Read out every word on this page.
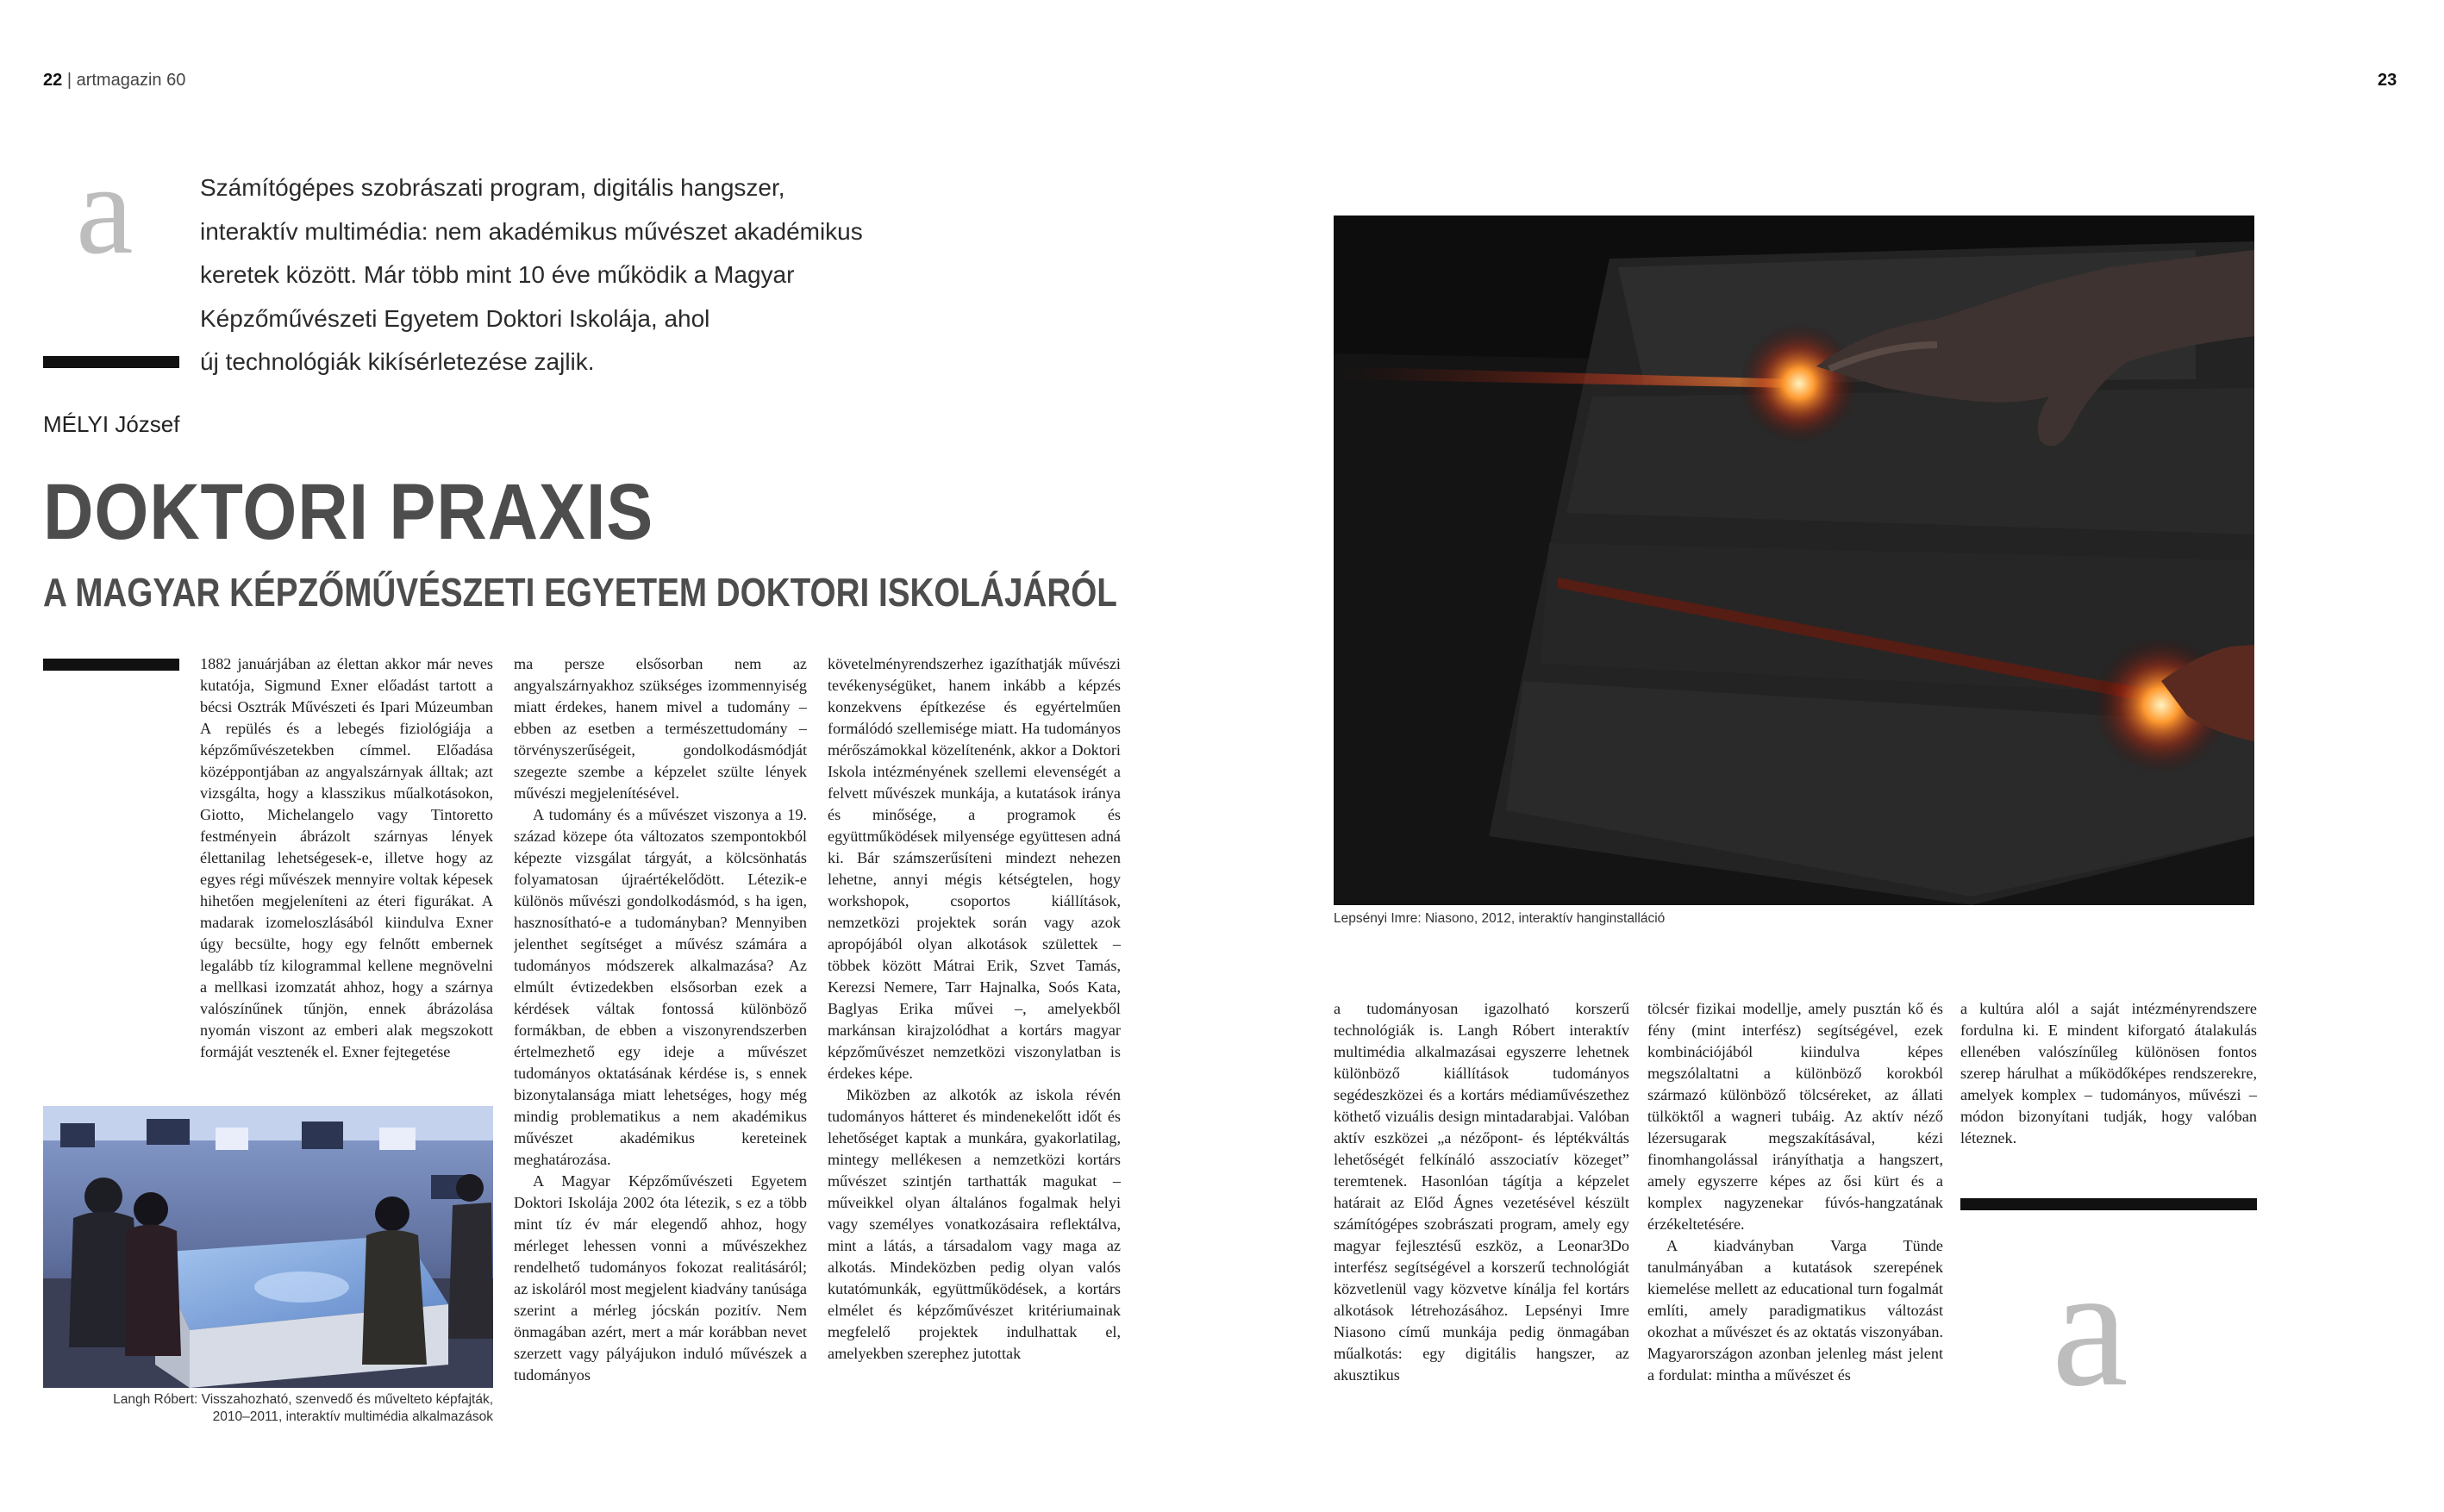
22 | artmagazin 60	23
a	Számítógépes szobrászati program, digitális hangszer,

interaktív multimédia: nem akadémikus művészet akadémikus

keretek között. Már több mint 10 éve működik a Magyar

Képzőművészeti Egyetem Doktori Iskolája, ahol

új technológiák kikísérletezése zajlik.

MÉLYI József
DOKTORI PRAXIS
A MAGYAR KÉPZŐMŰVÉSZETI EGYETEM DOKTORI ISKOLÁJÁRÓL

1882 januárjában az élettan akkor már neves kutatója, Sigmund Exner előadást tartott a bécsi Osztrák Művészeti és Ipari Múzeumban A repülés és a lebegés fiziológiája a képzőművészetekben címmel. Előadása középpontjában az angyalszárnyak álltak; azt vizsgálta, hogy a klasszikus műalkotásokon, Giotto, Michelangelo vagy Tintoretto festményein ábrázolt szárnyas lények élettanilag lehetségesek-e, illetve hogy az egyes régi művészek mennyire voltak képesek hihetően megjeleníteni az éteri figurákat. A madarak izomeloszlásából kiindulva Exner úgy becsülte, hogy egy felnőtt embernek legalább tíz kilogrammal kellene megnövelni a mellkasi izomzatát ahhoz, hogy a szárnya valószínűnek tűnjön, ennek ábrázolása nyomán viszont az emberi alak megszokott formáját vesztenék el. Exner fejtegetése

Langh Róbert: Visszahozható, szenvedő és művelteto képfajták,
2010–2011, interaktív multimédia alkalmazások

ma persze elsősorban nem az angyalszárnyakhoz szükséges izommennyiség miatt érdekes, hanem mivel a tudomány – ebben az esetben a természettudomány – törvényszerűségeit, gondolkodásmódját szegezte szembe a képzelet szülte lények művészi megjelenítésével.

A tudomány és a művészet viszonya a 19. század közepe óta változatos szempontokból képezte vizsgálat tárgyát, a kölcsönhatás folyamatosan újraértékelődött. Létezik-e különös művészi gondolkodásmód, s ha igen, hasznosítható-e a tudományban? Mennyiben jelenthet segítséget a művész számára a tudományos módszerek alkalmazása? Az elmúlt évtizedekben elsősorban ezek a kérdések váltak fontossá különböző formákban, de ebben a viszonyrendszerben értelmezhető egy ideje a művészet tudományos oktatásának kérdése is, s ennek bizonytalansága miatt lehetséges, hogy még mindig problematikus a nem akadémikus művészet akadémikus kereteinek meghatározása.

A Magyar Képzőművészeti Egyetem Doktori Iskolája 2002 óta létezik, s ez a több mint tíz év már elegendő ahhoz, hogy mérleget lehessen vonni a művészekhez rendelhető tudományos fokozat realitásáról; az iskoláról most megjelent kiadvány tanúsága szerint a mérleg jócskán pozitív. Nem önmagában azért, mert a már korábban nevet szerzett vagy pályájukon induló művészek a tudományos

követelményrendszerhez igazíthatják művészi tevékenységüket, hanem inkább a képzés konzekvens építkezése és egyértelműen formálódó szellemisége miatt. Ha tudományos mérőszámokkal közelítenénk, akkor a Doktori Iskola intézményének szellemi elevenségét a felvett művészek munkája, a kutatások iránya és minősége, a programok és együttműködések milyensége együttesen adná ki. Bár számszerűsíteni mindezt nehezen lehetne, annyi mégis kétségtelen, hogy workshopok, csoportos kiállítások, nemzetközi projektek során vagy azok apropójából olyan alkotások születtek – többek között Mátrai Erik, Szvet Tamás, Kerezsi Nemere, Tarr Hajnalka, Soós Kata, Baglyas Erika művei –, amelyekből markánsan kirajzolódhat a kortárs magyar képzőművészet nemzetközi viszonylatban is érdekes képe.

Miközben az alkotók az iskola révén tudományos hátteret és mindenekelőtt időt és lehetőséget kaptak a munkára, gyakorlatilag, mintegy mellékesen a nemzetközi kortárs művészet szintjén tarthatták magukat – műveikkel olyan általános fogalmak helyi vagy személyes vonatkozásaira reflektálva, mint a látás, a társadalom vagy maga az alkotás. Mindeközben pedig olyan valós kutatómunkák, együttműködések, a kortárs elmélet és képzőművészet kritériumainak megfelelő projektek indulhattak el, amelyekben szerephez jutottak

Lepsényi Imre: Niasono, 2012, interaktív hanginstalláció

a tudományosan igazolható korszerű technológiák is. Langh Róbert interaktív multimédia alkalmazásai egyszerre lehetnek különböző kiállítások tudományos segédeszközei és a kortárs médiaművészethez köthető vizuális design mintadarabjai. Valóban aktív eszközei „a nézőpont- és léptékváltás lehetőségét felkínáló asszociatív közeget” teremtenek. Hasonlóan tágítja a képzelet határait az Előd Ágnes vezetésével készült számítógépes szobrászati program, amely egy magyar fejlesztésű eszköz, a Leonar3Do interfész segítségével a korszerű technológiát közvetlenül vagy közvetve kínálja fel kortárs alkotások létrehozásához. Lepsényi Imre Niasono című munkája pedig önmagában műalkotás: egy digitális hangszer, az akusztikus

tölcsér fizikai modellje, amely pusztán kő és fény (mint interfész) segítségével, ezek kombinációjából kiindulva képes megszólaltatni a különböző korokból származó különböző tölcséreket, az állati tülköktől a wagneri tubáig. Az aktív néző lézersugarak megszakításával, kézi finomhangolással irányíthatja a hangszert, amely egyszerre képes az ősi kürt és a komplex nagyzenekar fúvós-hangzatának érzékeltetésére.

A kiadványban Varga Tünde tanulmányában a kutatások szerepének kiemelése mellett az educational turn fogalmát említi, amely paradigmatikus változást okozhat a művészet és az oktatás viszonyában. Magyarországon azonban jelenleg mást jelent a fordulat: mintha a művészet és

a kultúra alól a saját intézményrendszere fordulna ki. E mindent kiforgató átalakulás ellenében valószínűleg különösen fontos szerep hárulhat a működőképes rendszerekre, amelyek komplex – tudományos, művészi – módon bizonyítani tudják, hogy valóban léteznek.

a
